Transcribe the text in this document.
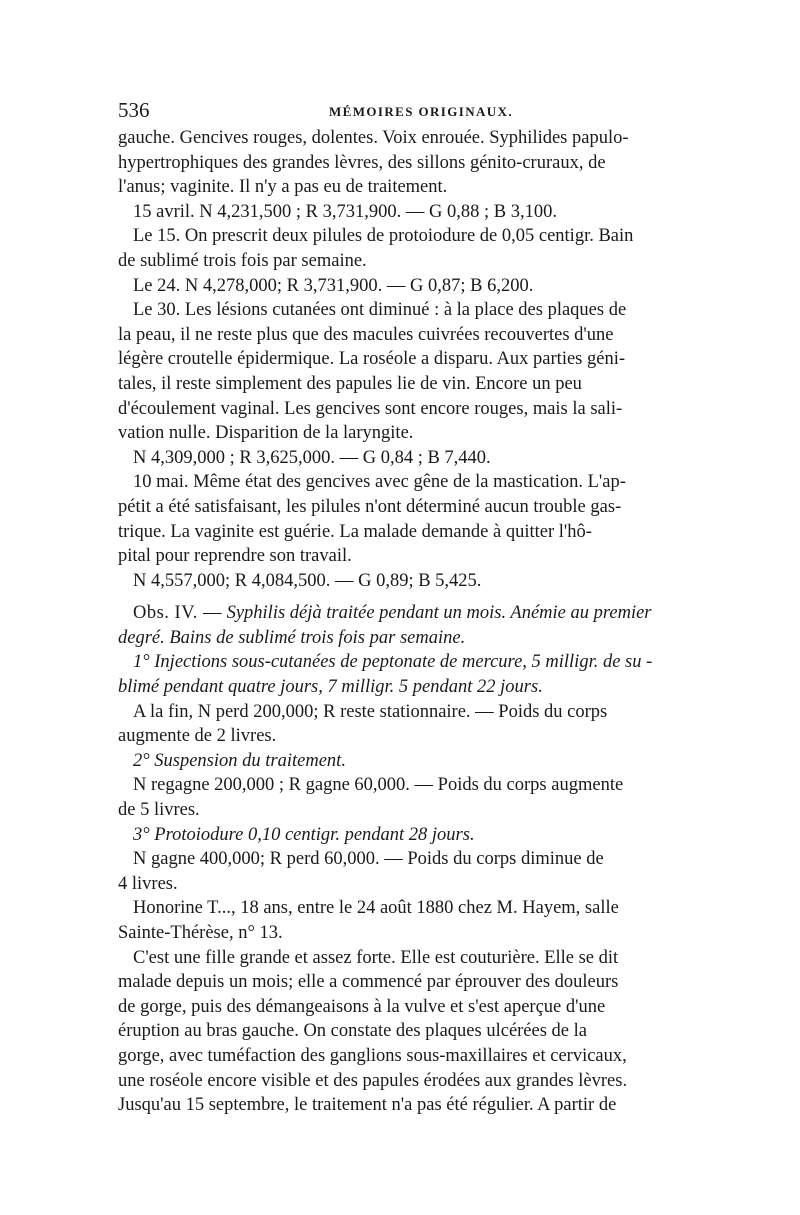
536	MÉMOIRES ORIGINAUX.
gauche. Gencives rouges, dolentes. Voix enrouée. Syphilides papulo-
hypertrophiques des grandes lèvres, des sillons génito-cruraux, de
l'anus; vaginite. Il n'y a pas eu de traitement.
15 avril. N 4,231,500 ; R 3,731,900. — G 0,88 ; B 3,100.
Le 15. On prescrit deux pilules de protoiodure de 0,05 centigr. Bain
de sublimé trois fois par semaine.
Le 24. N 4,278,000; R 3,731,900. — G 0,87; B 6,200.
Le 30. Les lésions cutanées ont diminué : à la place des plaques de
la peau, il ne reste plus que des macules cuivrées recouvertes d'une
légère croutelle épidermique. La roséole a disparu. Aux parties géni-
tales, il reste simplement des papules lie de vin. Encore un peu
d'écoulement vaginal. Les gencives sont encore rouges, mais la sali-
vation nulle. Disparition de la laryngite.
N 4,309,000 ; R 3,625,000. — G 0,84 ; B 7,440.
10 mai. Même état des gencives avec gêne de la mastication. L'ap-
pétit a été satisfaisant, les pilules n'ont déterminé aucun trouble gas-
trique. La vaginite est guérie. La malade demande à quitter l'hô-
pital pour reprendre son travail.
N 4,557,000; R 4,084,500. — G 0,89; B 5,425.
Obs. IV. — Syphilis déjà traitée pendant un mois. Anémie au premier
degré. Bains de sublimé trois fois par semaine.
1° Injections sous-cutanées de peptonate de mercure, 5 milligr. de su -
blimé pendant quatre jours, 7 milligr. 5 pendant 22 jours.
A la fin, N perd 200,000; R reste stationnaire. — Poids du corps
augmente de 2 livres.
2° Suspension du traitement.
N regagne 200,000 ; R gagne 60,000. — Poids du corps augmente
de 5 livres.
3° Protoiodure 0,10 centigr. pendant 28 jours.
N gagne 400,000; R perd 60,000. — Poids du corps diminue de
4 livres.
Honorine T..., 18 ans, entre le 24 août 1880 chez M. Hayem, salle
Sainte-Thérèse, n° 13.
C'est une fille grande et assez forte. Elle est couturière. Elle se dit
malade depuis un mois; elle a commencé par éprouver des douleurs
de gorge, puis des démangeaisons à la vulve et s'est aperçue d'une
éruption au bras gauche. On constate des plaques ulcérées de la
gorge, avec tuméfaction des ganglions sous-maxillaires et cervicaux,
une roséole encore visible et des papules érodées aux grandes lèvres.
Jusqu'au 15 septembre, le traitement n'a pas été régulier. A partir de
